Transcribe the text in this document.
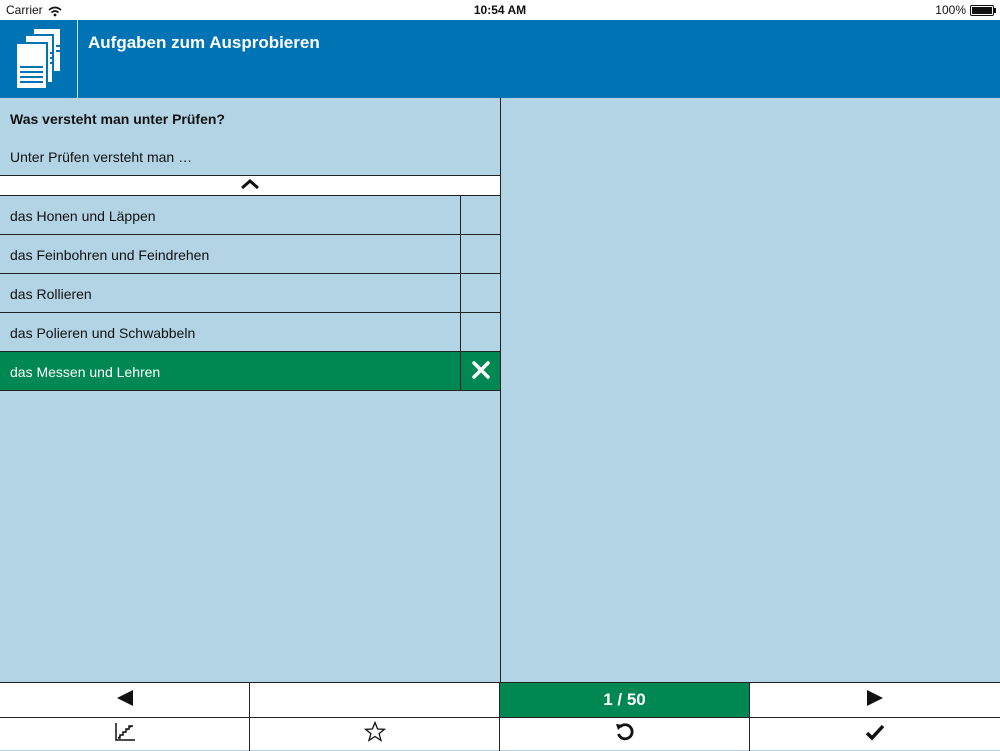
Carrier	10:54 AM	100%
Aufgaben zum Ausprobieren
Was versteht man unter Prüfen?
Unter Prüfen versteht man …
das Honen und Läppen
das Feinbohren und Feindrehen
das Rollieren
das Polieren und Schwabbeln
das Messen und Lehren
1 / 50
